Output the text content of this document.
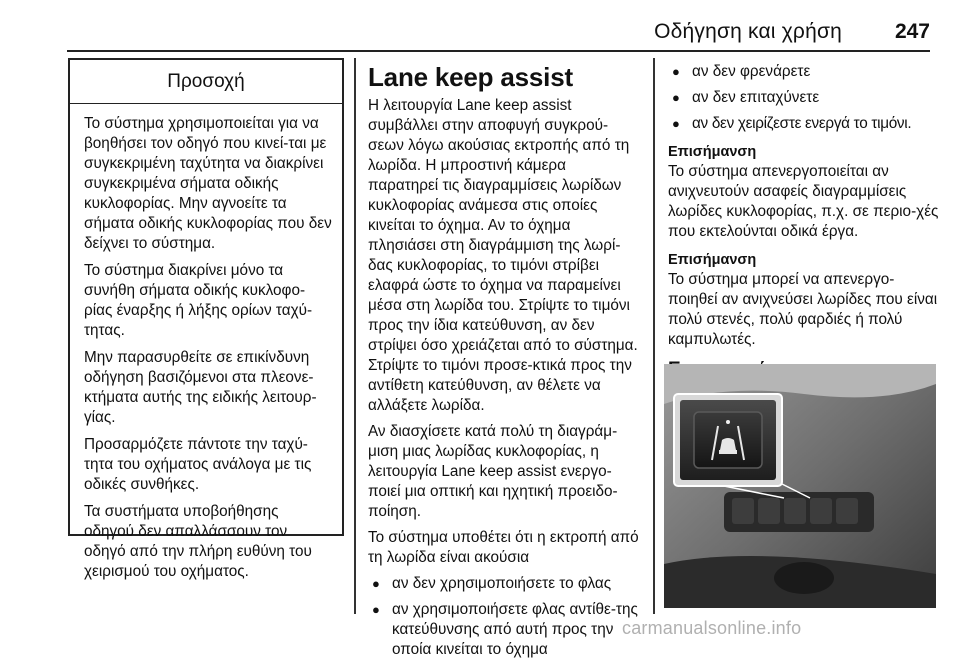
Οδήγηση και χρήση	247
Προσοχή

Το σύστημα χρησιμοποιείται για να βοηθήσει τον οδηγό που κινεί-ται με συγκεκριμένη ταχύτητα να διακρίνει συγκεκριμένα σήματα οδικής κυκλοφορίας. Μην αγνοείτε τα σήματα οδικής κυκλοφορίας που δεν δείχνει το σύστημα.

Το σύστημα διακρίνει μόνο τα συνήθη σήματα οδικής κυκλοφο-ρίας έναρξης ή λήξης ορίων ταχύ-τητας.

Μην παρασυρθείτε σε επικίνδυνη οδήγηση βασιζόμενοι στα πλεονε-κτήματα αυτής της ειδικής λειτουρ-γίας.

Προσαρμόζετε πάντοτε την ταχύ-τητα του οχήματος ανάλογα με τις οδικές συνθήκες.

Τα συστήματα υποβοήθησης οδηγού δεν απαλλάσσουν τον οδηγό από την πλήρη ευθύνη του χειρισμού του οχήματος.

Lane keep assist

Η λειτουργία Lane keep assist συμβάλλει στην αποφυγή συγκρού-σεων λόγω ακούσιας εκτροπής από τη λωρίδα. Η μπροστινή κάμερα παρατηρεί τις διαγραμμίσεις λωρίδων κυκλοφορίας ανάμεσα στις οποίες κινείται το όχημα. Αν το όχημα πλησιάσει στη διαγράμμιση της λωρί-δας κυκλοφορίας, το τιμόνι στρίβει ελαφρά ώστε το όχημα να παραμείνει μέσα στη λωρίδα του. Στρίψτε το τιμόνι προς την ίδια κατεύθυνση, αν δεν στρίψει όσο χρειάζεται από το σύστημα. Στρίψτε το τιμόνι προσε-κτικά προς την αντίθετη κατεύθυνση, αν θέλετε να αλλάξετε λωρίδα.

Αν διασχίσετε κατά πολύ τη διαγράμ-μιση μιας λωρίδας κυκλοφορίας, η λειτουργία Lane keep assist ενεργο-ποιεί μια οπτική και ηχητική προειδο-ποίηση.

Το σύστημα υποθέτει ότι η εκτροπή από τη λωρίδα είναι ακούσια

● αν δεν χρησιμοποιήσετε το φλας
● αν χρησιμοποιήσετε φλας αντίθε-της κατεύθυνσης από αυτή προς την οποία κινείται το όχημα
● αν δεν φρενάρετε
● αν δεν επιταχύνετε
● αν δεν χειρίζεστε ενεργά το τιμόνι.
Επισήμανση
Το σύστημα απενεργοποιείται αν ανιχνευτούν ασαφείς διαγραμμίσεις λωρίδες κυκλοφορίας, π.χ. σε περιο-χές που εκτελούνται οδικά έργα.
Επισήμανση
Το σύστημα μπορεί να απενεργο-ποιηθεί αν ανιχνεύσει λωρίδες που είναι πολύ στενές, πολύ φαρδιές ή πολύ καμπυλωτές.
carmanualsonline.info
